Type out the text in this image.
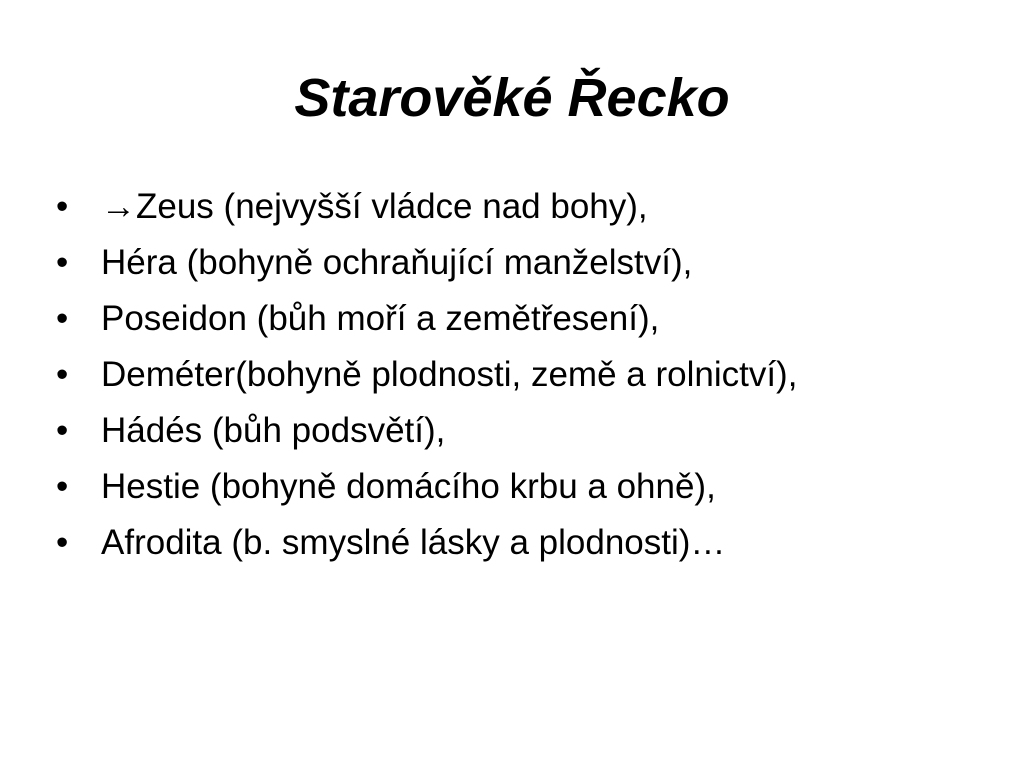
Starověké Řecko
• →Zeus (nejvyšší vládce nad bohy),
• Héra (bohyně ochraňující manželství),
• Poseidon (bůh moří a zemětřesení),
• Deméter(bohyně plodnosti, země a rolnictví),
• Hádés (bůh podsvětí),
• Hestie (bohyně domácího krbu a ohně),
• Afrodita (b. smyslné lásky a plodnosti)…
